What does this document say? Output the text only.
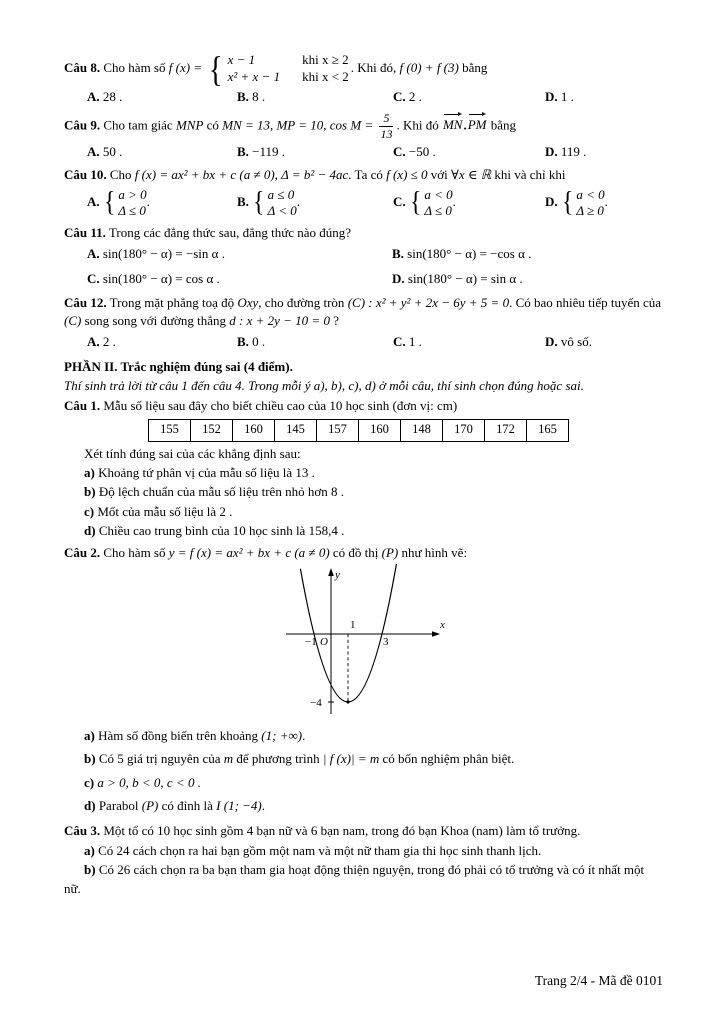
Câu 8. Cho hàm số f (x) = { x − 1	khi x ≥ 2
x² + x − 1 khi x < 2
. Khi đó, f (0) + f (3) bằng
A. 28 .	B. 8 .	C. 2 .	D. 1 .
Câu 9. Cho tam giác MNP có MN = 13, MP = 10, $\cos M = \frac{5}{13}$ . Khi đó MN.PM bằng
A. 50 .	B. −119 .	C. −50 .	D. 119 .
Câu 10. Cho f (x) = ax² + bx + c (a ≠ 0), Δ = b² − 4ac. Ta có f (x) ≤ 0 với ∀x ∈ ℝ khi và chỉ khi
A. { a > 0
Δ ≤ 0
.	B. { a ≤ 0
Δ < 0
.	C. { a < 0
Δ ≤ 0
.	D. { a < 0
Δ ≥ 0
.
Câu 11. Trong các đẳng thức sau, đẳng thức nào đúng?
A. sin(180° − α) = −sin α .	B. sin(180° − α) = −cos α .
C. sin(180° − α) = cos α .	D. sin(180° − α) = sin α .
Câu 12. Trong mặt phẳng toạ độ Oxy, cho đường tròn (C) : x² + y² + 2x − 6y + 5 = 0. Có bao nhiêu tiếp tuyến của (C) song song với đường thẳng d : x + 2y − 10 = 0 ?
A. 2 .	B. 0 .	C. 1 .	D. vô số.
PHẦN II. Trắc nghiệm đúng sai (4 điểm).
Thí sinh trả lời từ câu 1 đến câu 4. Trong mỗi ý a), b), c), d) ở mỗi câu, thí sinh chọn đúng hoặc sai.
Câu 1. Mẫu số liệu sau đây cho biết chiều cao của 10 học sinh (đơn vị: cm)
155	152	160	145	157	160	148	170	172	165
Xét tính đúng sai của các khẳng định sau:
a) Khoảng tứ phân vị của mẫu số liệu là 13 .
b) Độ lệch chuẩn của mẫu số liệu trên nhỏ hơn 8 .
c) Mốt của mẫu số liệu là 2 .
d) Chiều cao trung bình của 10 học sinh là 158,4 .
Câu 2. Cho hàm số y = f (x) = ax² + bx + c (a ≠ 0) có đồ thị (P) như hình vẽ:
y
x
O
−1
1
3
−4
a) Hàm số đồng biến trên khoảng (1; +∞).
b) Có 5 giá trị nguyên của m để phương trình | f (x)| = m có bốn nghiệm phân biệt.
c) a > 0, b < 0, c < 0 .
d) Parabol (P) có đỉnh là I (1; −4).
Câu 3. Một tổ có 10 học sinh gồm 4 bạn nữ và 6 bạn nam, trong đó bạn Khoa (nam) làm tổ trưởng.
a) Có 24 cách chọn ra hai bạn gồm một nam và một nữ tham gia thi học sinh thanh lịch.
b) Có 26 cách chọn ra ba bạn tham gia hoạt động thiện nguyện, trong đó phải có tổ trưởng và có ít nhất một nữ.
Trang 2/4 - Mã đề 0101
